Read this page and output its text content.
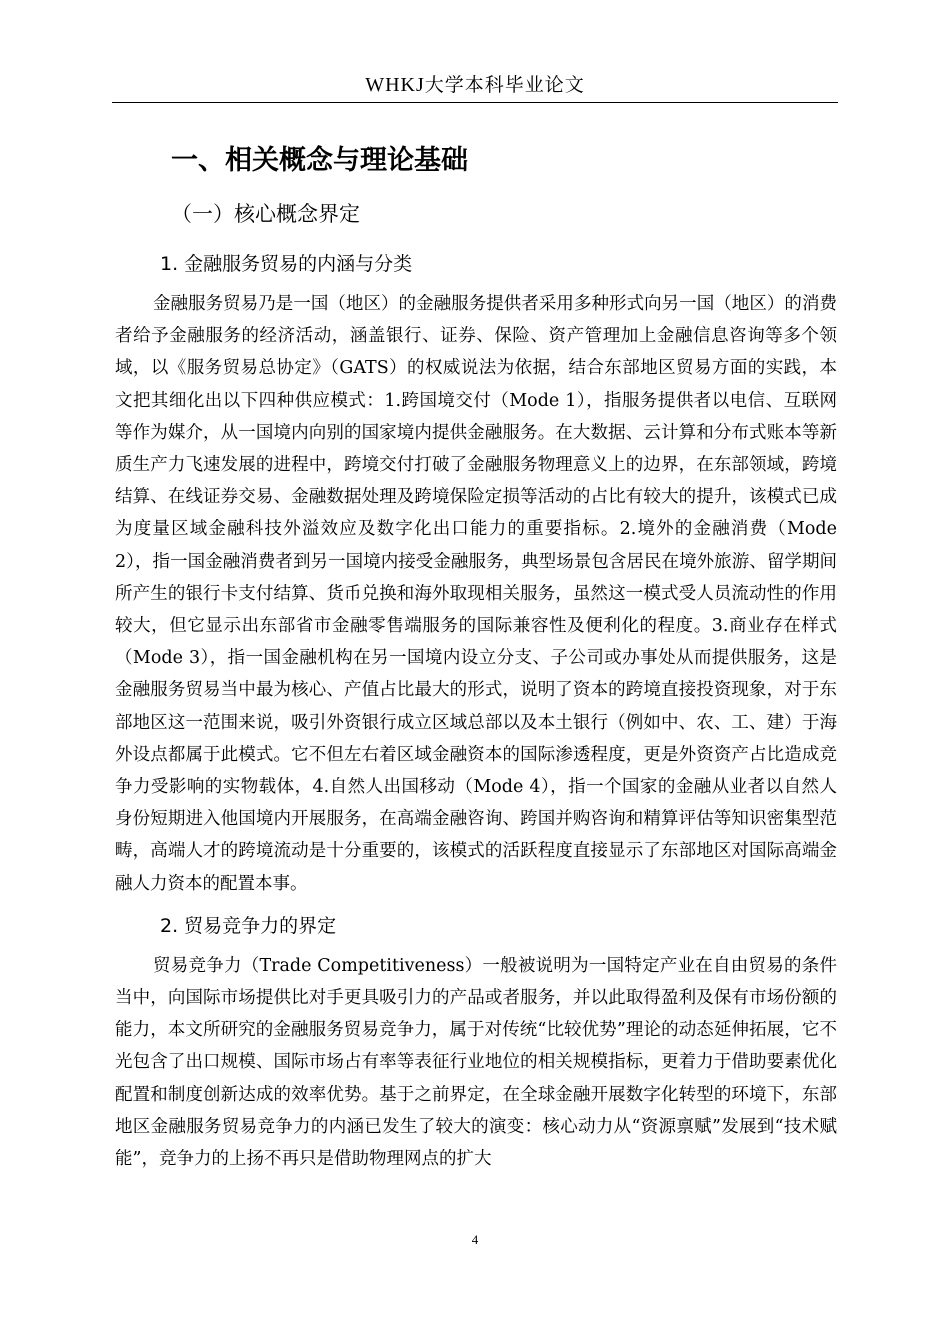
WHKJ大学本科毕业论文
一、相关概念与理论基础
（一）核心概念界定
1. 金融服务贸易的内涵与分类

金融服务贸易乃是一国（地区）的金融服务提供者采用多种形式向另一国（地区）的消费者给予金融服务的经济活动，涵盖银行、证券、保险、资产管理加上金融信息咨询等多个领域，以《服务贸易总协定》（GATS）的权威说法为依据，结合东部地区贸易方面的实践，本文把其细化出以下四种供应模式：1.跨国境交付（Mode 1），指服务提供者以电信、互联网等作为媒介，从一国境内向别的国家境内提供金融服务。在大数据、云计算和分布式账本等新质生产力飞速发展的进程中，跨境交付打破了金融服务物理意义上的边界，在东部领域，跨境结算、在线证券交易、金融数据处理及跨境保险定损等活动的占比有较大的提升，该模式已成为度量区域金融科技外溢效应及数字化出口能力的重要指标。2.境外的金融消费（Mode 2），指一国金融消费者到另一国境内接受金融服务，典型场景包含居民在境外旅游、留学期间所产生的银行卡支付结算、货币兑换和海外取现相关服务，虽然这一模式受人员流动性的作用较大，但它显示出东部省市金融零售端服务的国际兼容性及便利化的程度。3.商业存在样式（Mode 3），指一国金融机构在另一国境内设立分支、子公司或办事处从而提供服务，这是金融服务贸易当中最为核心、产值占比最大的形式，说明了资本的跨境直接投资现象，对于东部地区这一范围来说，吸引外资银行成立区域总部以及本土银行（例如中、农、工、建）于海外设点都属于此模式。它不但左右着区域金融资本的国际渗透程度，更是外资资产占比造成竞争力受影响的实物载体，4.自然人出国移动（Mode 4），指一个国家的金融从业者以自然人身份短期进入他国境内开展服务，在高端金融咨询、跨国并购咨询和精算评估等知识密集型范畴，高端人才的跨境流动是十分重要的，该模式的活跃程度直接显示了东部地区对国际高端金融人力资本的配置本事。

2. 贸易竞争力的界定

贸易竞争力（Trade Competitiveness）一般被说明为一国特定产业在自由贸易的条件当中，向国际市场提供比对手更具吸引力的产品或者服务，并以此取得盈利及保有市场份额的能力，本文所研究的金融服务贸易竞争力，属于对传统“比较优势”理论的动态延伸拓展，它不光包含了出口规模、国际市场占有率等表征行业地位的相关规模指标，更着力于借助要素优化配置和制度创新达成的效率优势。基于之前界定，在全球金融开展数字化转型的环境下，东部地区金融服务贸易竞争力的内涵已发生了较大的演变：核心动力从“资源禀赋”发展到“技术赋能”，竞争力的上扬不再只是借助物理网点的扩大

4
